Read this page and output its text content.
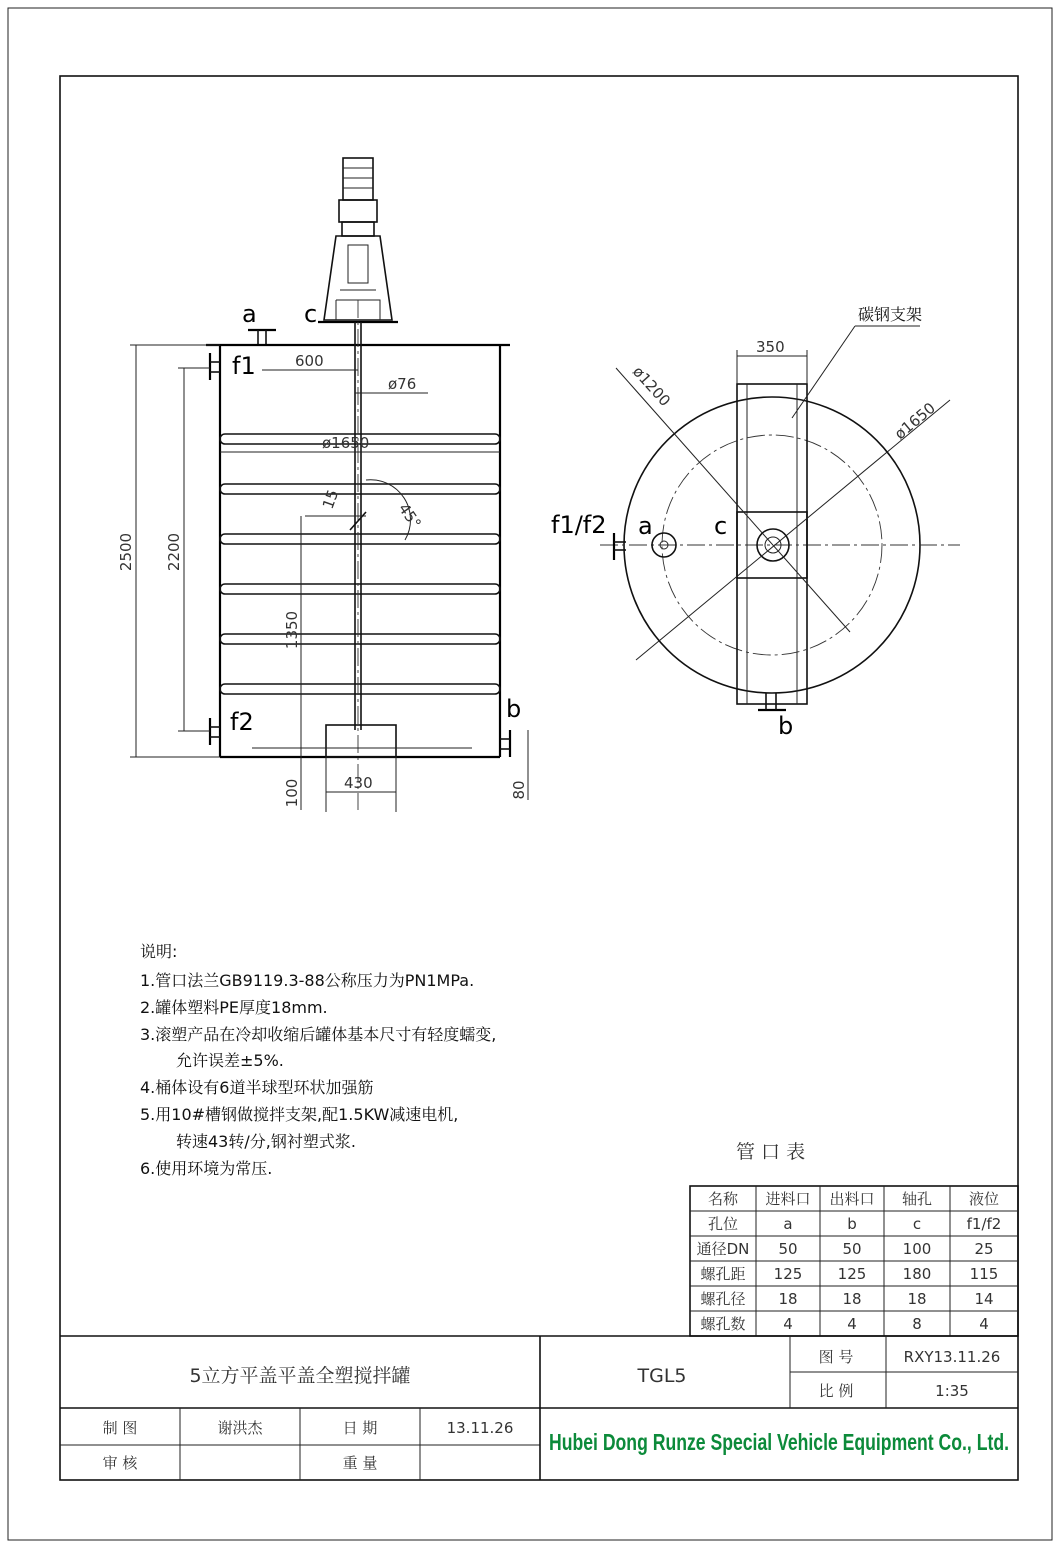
a c
f1
f2	b
600
ø76
ø1650
45°
15
2500 2200
1350
100	430	80
f1/f2 a	c
b
350
ø1200
ø1650
碳钢支架
说明:
1.管口法兰GB9119.3-88公称压力为PN1MPa.
2.罐体塑料PE厚度18mm.
3.滚塑产品在冷却收缩后罐体基本尺寸有轻度蠕变,
允许误差±5%.
4.桶体设有6道半球型环状加强筋
5.用10#槽钢做搅拌支架,配1.5KW减速电机,
转速43转/分,钢衬塑式浆.
6.使用环境为常压.
管 口 表
名称 进料口 出料口 轴孔 液位
孔位	a	b	c	f1/f2
通径DN 50	50	100	25
螺孔距 125 125 180	115
螺孔径 18	18	18	14
螺孔数	4	4	8	4
5立方平盖平盖全塑搅拌罐	TGL5
图 号	RXY13.11.26
比 例	1:35
制 图	谢洪杰	日 期	13.11.26
审 核	重 量
Hubei Dong Runze Special Vehicle Equipment Co., Ltd.
